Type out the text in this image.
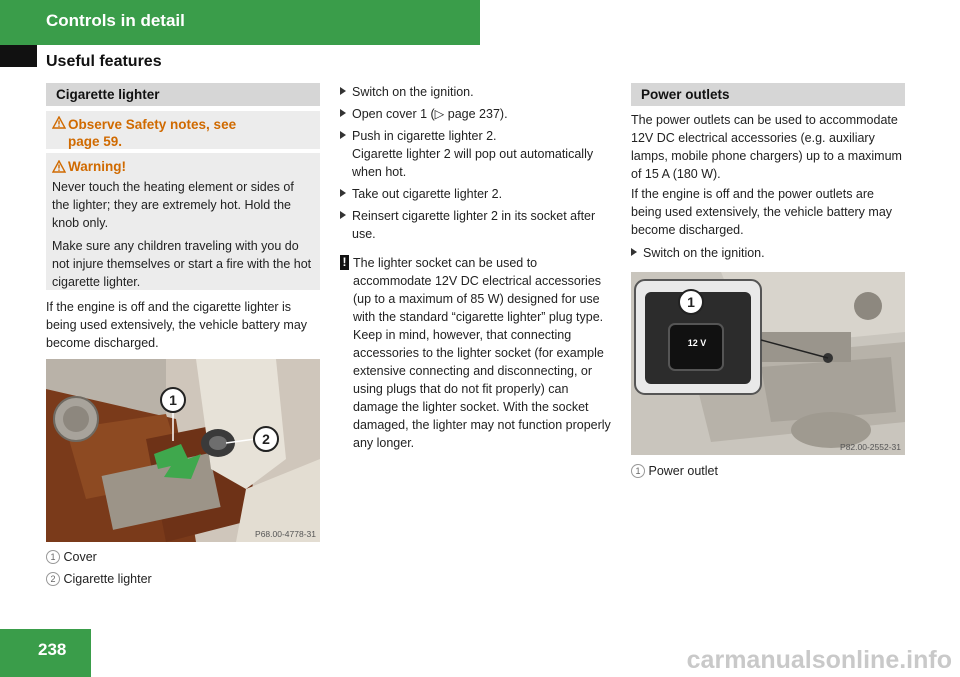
Controls in detail
Useful features
Cigarette lighter
Observe Safety notes, see page 59.
Warning!

Never touch the heating element or sides of the lighter; they are extremely hot. Hold the knob only.

Make sure any children traveling with you do not injure themselves or start a fire with the hot cigarette lighter.

If the engine is off and the cigarette lighter is being used extensively, the vehicle battery may become discharged.

1
2
P68.00-4778-31
1 Cover
2 Cigarette lighter
Switch on the ignition.
Open cover 1 (▷ page 237).
Push in cigarette lighter 2.
Cigarette lighter 2 will pop out automatically when hot.
Take out cigarette lighter 2.
Reinsert cigarette lighter 2 in its socket after use.
! The lighter socket can be used to accommodate 12V DC electrical accessories (up to a maximum of 85 W) designed for use with the standard “cigarette lighter” plug type. Keep in mind, however, that connecting accessories to the lighter socket (for example extensive connecting and disconnecting, or using plugs that do not fit properly) can damage the lighter socket. With the socket damaged, the lighter may not function properly any longer.

Power outlets

The power outlets can be used to accommodate 12V DC electrical accessories (e.g. auxiliary lamps, mobile phone chargers) up to a maximum of 15 A (180 W).

If the engine is off and the power outlets are being used extensively, the vehicle battery may become discharged.

Switch on the ignition.
1
12 V
P82.00-2552-31
1 Power outlet
238	carmanualsonline.info
